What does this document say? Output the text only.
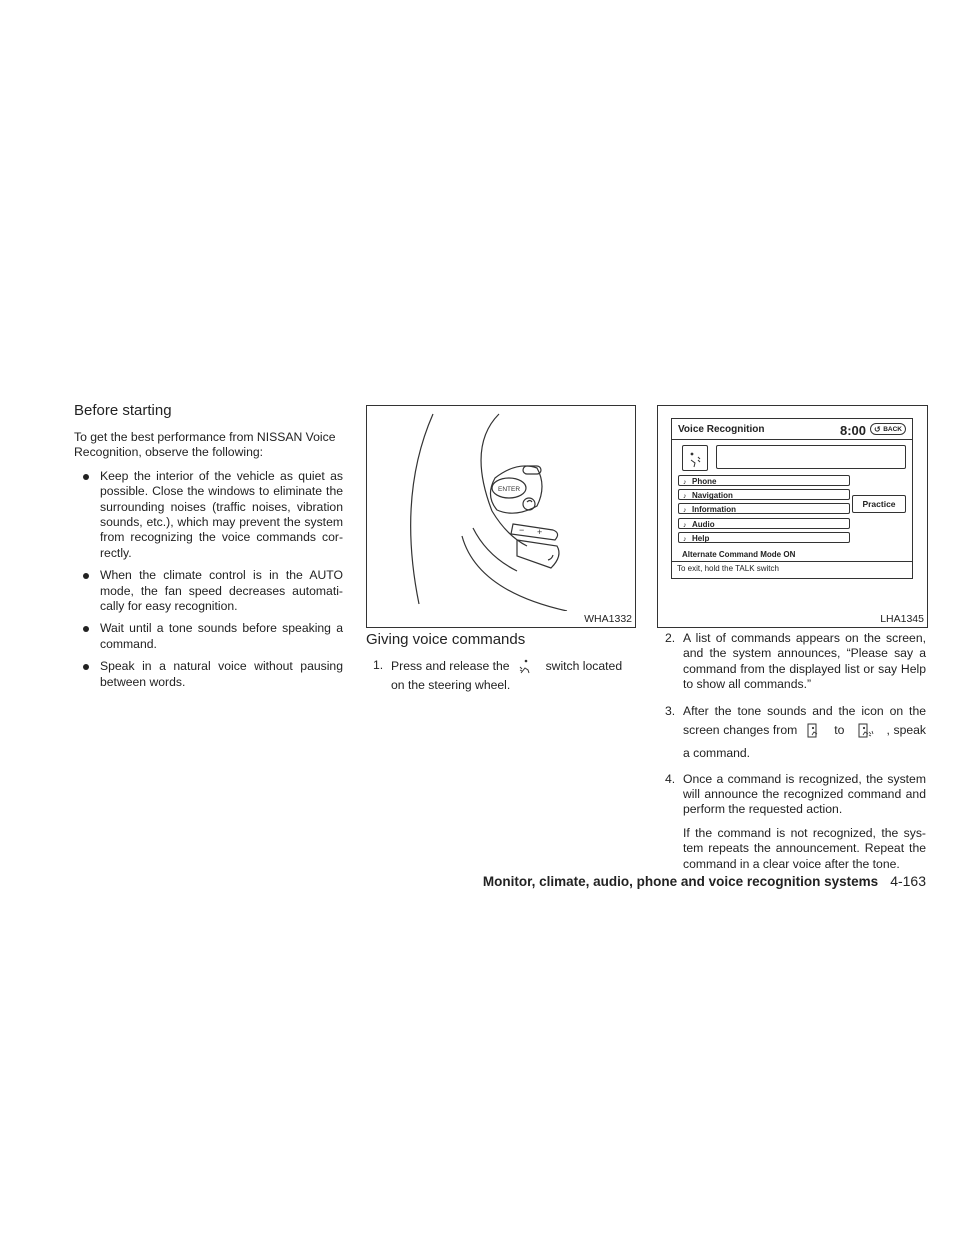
Before starting

To get the best performance from NISSAN Voice Recognition, observe the following:

Keep the interior of the vehicle as quiet as possible. Close the windows to eliminate the surrounding noises (traffic noises, vibration sounds, etc.), which may prevent the system from recognizing the voice commands cor-rectly.
When the climate control is in the AUTO mode, the fan speed decreases automati-cally for easy recognition.
Wait until a tone sounds before speaking a command.
Speak in a natural voice without pausing between words.
ENTER
− +
WHA1332
Voice Recognition	8:00 ↺ BACK
♪ Phone
♪ Navigation
♪ Information
♪ Audio
♪ Help
Practice
Alternate Command Mode ON
To exit, hold the TALK switch
LHA1345
Giving voice commands
1. Press and release the	switch located on the steering wheel.
2. A list of commands appears on the screen, and the system announces, “Please say a command from the displayed list or say Help to show all commands.”
3. After the tone sounds and the icon on the screen changes from	to	, speak a command.
4. Once a command is recognized, the system will announce the recognized command and perform the requested action.

If the command is not recognized, the sys-tem repeats the announcement. Repeat the command in a clear voice after the tone.

Monitor, climate, audio, phone and voice recognition systems 4-163
